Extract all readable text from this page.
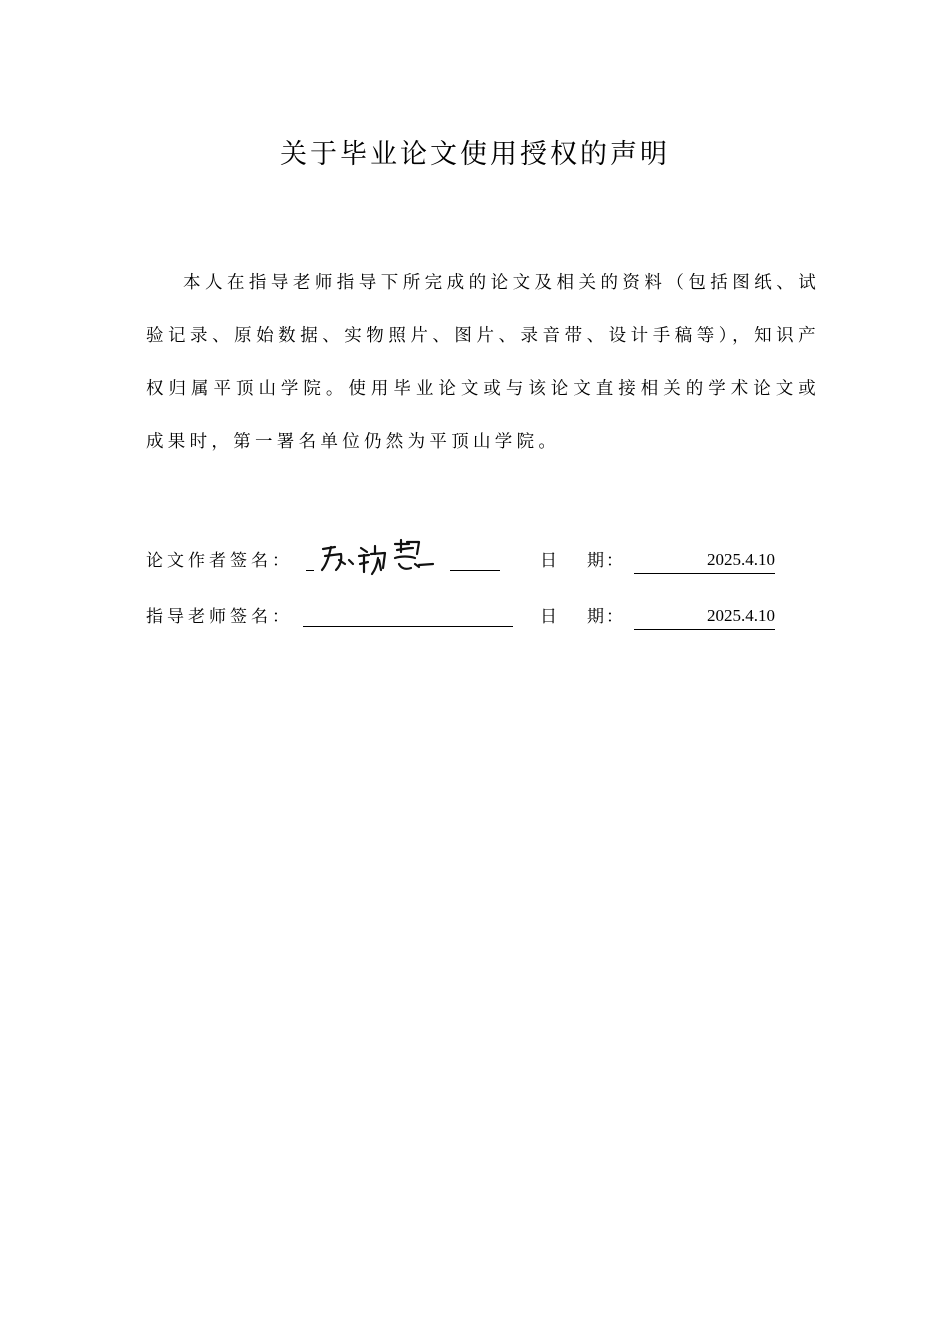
关于毕业论文使用授权的声明

本人在指导老师指导下所完成的论文及相关的资料（包括图纸、试验记录、原始数据、实物照片、图片、录音带、设计手稿等），知识产权归属平顶山学院。使用毕业论文或与该论文直接相关的学术论文或成果时，第一署名单位仍然为平顶山学院。

论文作者签名：	日 期 ：	2025.4.10
指导老师签名：	日 期 ：	2025.4.10
